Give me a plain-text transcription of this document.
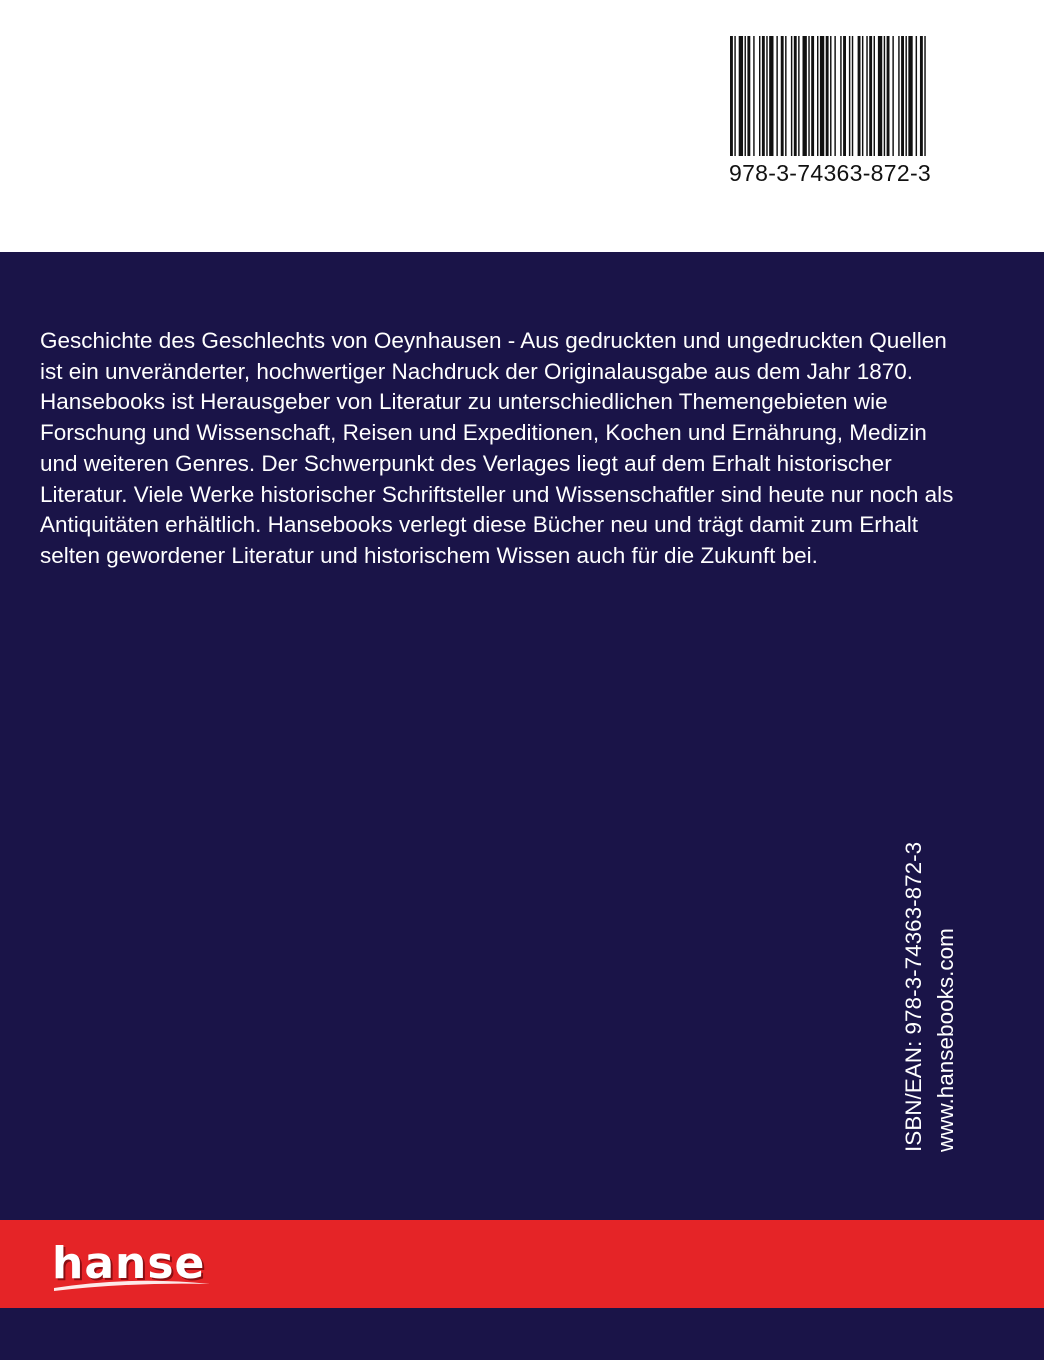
978-3-74363-872-3

Geschichte des Geschlechts von Oeynhausen - Aus gedruckten und ungedruckten Quellen ist ein unveränderter, hochwertiger Nachdruck der Originalausgabe aus dem Jahr 1870.

Hansebooks ist Herausgeber von Literatur zu unterschiedlichen Themengebieten wie Forschung und Wissenschaft, Reisen und Expeditionen, Kochen und Ernährung, Medizin und weiteren Genres. Der Schwerpunkt des Verlages liegt auf dem Erhalt historischer Literatur. Viele Werke historischer Schriftsteller und Wissenschaftler sind heute nur noch als Antiquitäten erhältlich. Hansebooks verlegt diese Bücher neu und trägt damit zum Erhalt selten gewordener Literatur und historischem Wissen auch für die Zukunft bei.

ISBN/EAN: 978-3-74363-872-3 www.hansebooks.com
hanse
